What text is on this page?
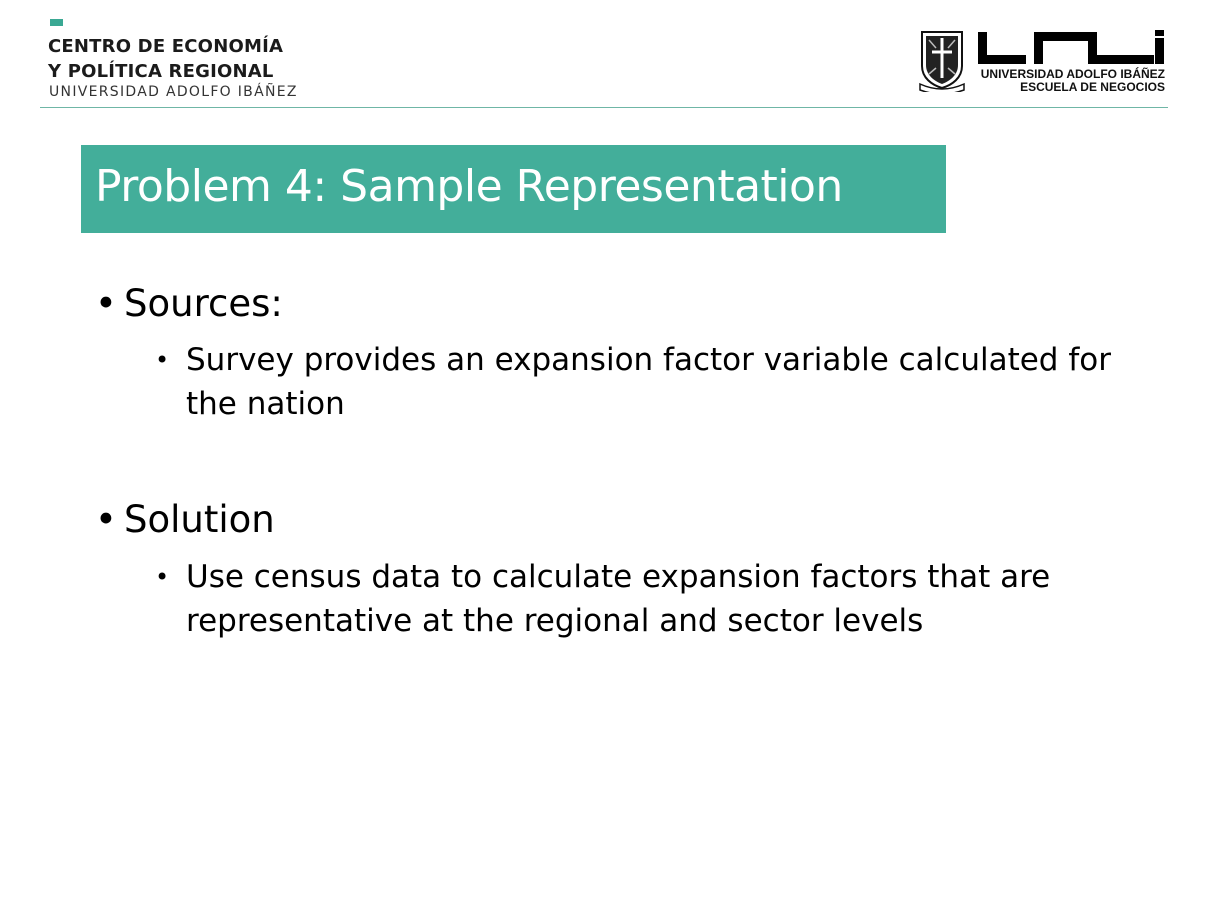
CENTRO DE ECONOMÍA
Y POLÍTICA REGIONAL
UNIVERSIDAD ADOLFO IBÁÑEZ
UNIVERSIDAD ADOLFO IBÁÑEZ
ESCUELA DE NEGOCIOS
Problem 4: Sample Representation
• Sources:
• Survey provides an expansion factor variable calculated for the nation
• Solution
• Use census data to calculate expansion factors that are representative at the regional and sector levels
